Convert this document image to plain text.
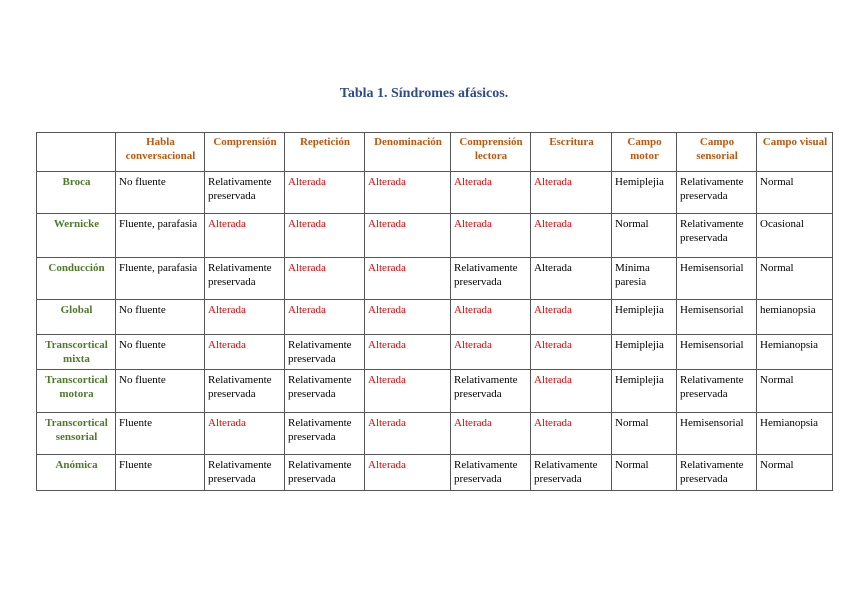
Tabla 1. Síndromes afásicos.
	Habla conversacional	Comprensión	Repetición	Denominación	Comprensión lectora	Escritura	Campo motor	Campo sensorial	Campo visual
Broca	No fluente	Relativamente preservada	Alterada	Alterada	Alterada	Alterada	Hemiplejia	Relativamente preservada	Normal
Wernicke	Fluente, parafasia	Alterada	Alterada	Alterada	Alterada	Alterada	Normal	Relativamente preservada	Ocasional
Conducción	Fluente, parafasia	Relativamente preservada	Alterada	Alterada	Relativamente preservada	Alterada	Mínima paresia	Hemisensorial	Normal
Global	No fluente	Alterada	Alterada	Alterada	Alterada	Alterada	Hemiplejia	Hemisensorial	hemianopsia
Transcortical mixta	No fluente	Alterada	Relativamente preservada	Alterada	Alterada	Alterada	Hemiplejia	Hemisensorial	Hemianopsia
Transcortical motora	No fluente	Relativamente preservada	Relativamente preservada	Alterada	Relativamente preservada	Alterada	Hemiplejia	Relativamente preservada	Normal
Transcortical sensorial	Fluente	Alterada	Relativamente preservada	Alterada	Alterada	Alterada	Normal	Hemisensorial	Hemianopsia
Anómica	Fluente	Relativamente preservada	Relativamente preservada	Alterada	Relativamente preservada	Relativamente preservada	Normal	Relativamente preservada	Normal
